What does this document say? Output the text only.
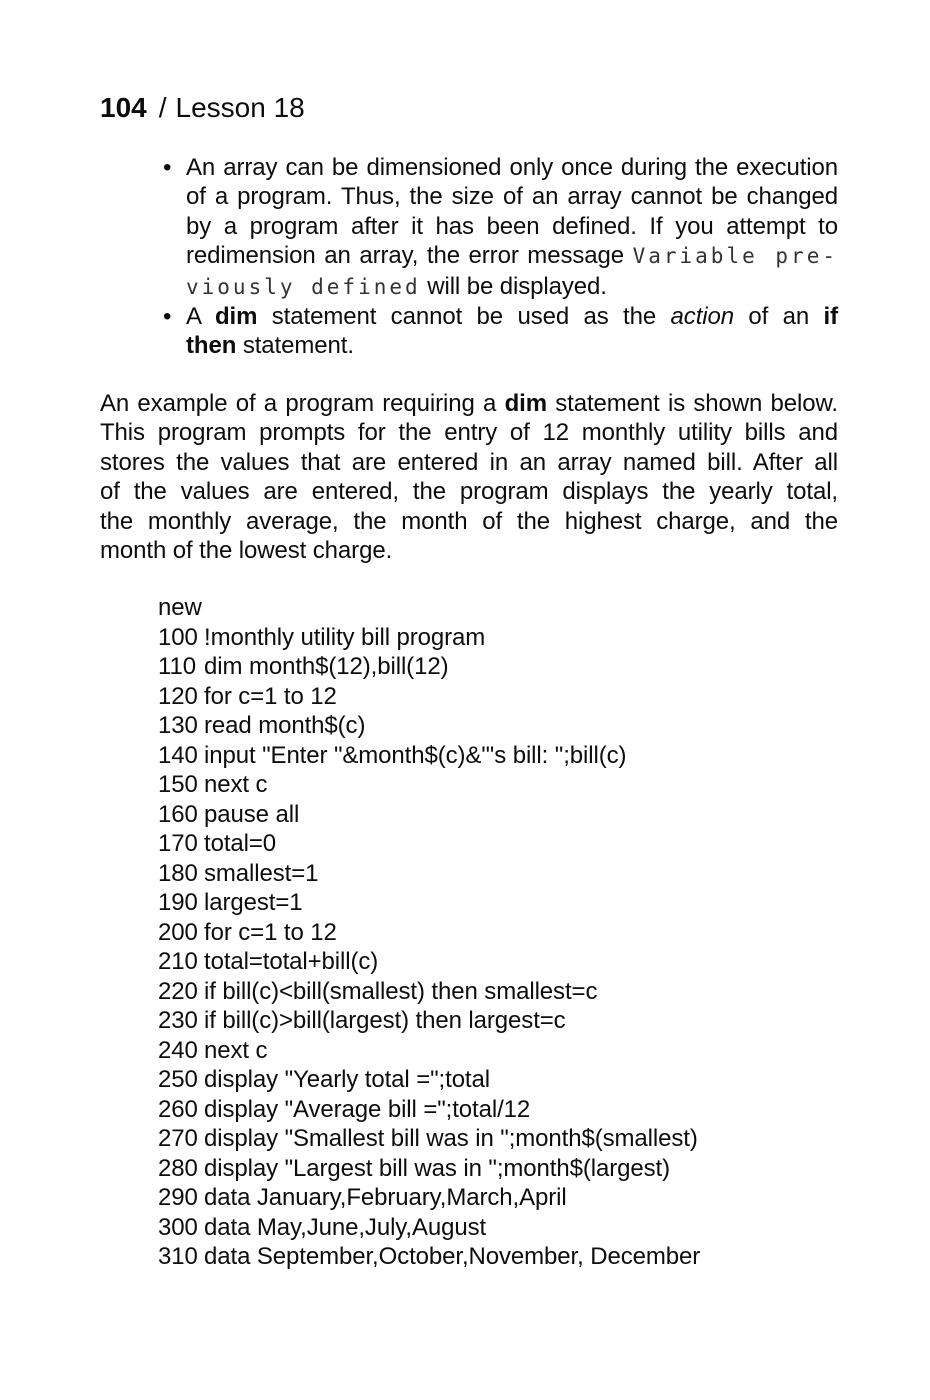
104 / Lesson 18
• An array can be dimensioned only once during the execution
of a program. Thus, the size of an array cannot be changed
by a program after it has been defined. If you attempt to
redimension an array, the error message Variable pre-
viously defined will be displayed.
• A dim statement cannot be used as the action of an if
then statement.
An example of a program requiring a dim statement is shown below.
This program prompts for the entry of 12 monthly utility bills and
stores the values that are entered in an array named bill. After all
of the values are entered, the program displays the yearly total,
the monthly average, the month of the highest charge, and the
month of the lowest charge.
new
100 !monthly utility bill program
110 dim month$(12),bill(12)
120 for c=1 to 12
130 read month$(c)
140 input "Enter "&month$(c)&"'s bill: ";bill(c)
150 next c
160 pause all
170 total=0
180 smallest=1
190 largest=1
200 for c=1 to 12
210 total=total+bill(c)
220 if bill(c)<bill(smallest) then smallest=c
230 if bill(c)>bill(largest) then largest=c
240 next c
250 display "Yearly total =";total
260 display "Average bill =";total/12
270 display "Smallest bill was in ";month$(smallest)
280 display "Largest bill was in ";month$(largest)
290 data January,February,March,April
300 data May,June,July,August
310 data September,October,November, December
